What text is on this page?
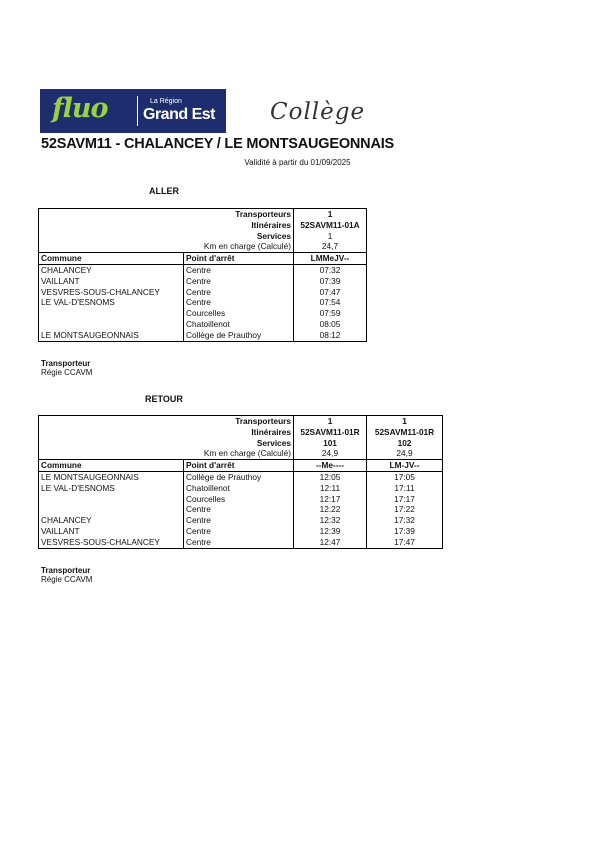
fluo	La Région
Grand Est Collège
52SAVM11 - CHALANCEY / LE MONTSAUGEONNAIS
Validité à partir du 01/09/2025
ALLER
Transporteurs		1
Itinéraires		52SAVM11-01A
Services		1
Km en charge (Calculé)		24,7
Commune	Point d'arrêt	LMMeJV--
CHALANCEY	Centre	07:32
VAILLANT	Centre	07:39
VESVRES-SOUS-CHALANCEY	Centre	07:47
LE VAL-D'ESNOMS	Centre	07:54
	Courcelles	07:59
	Chatoillenot	08:05
LE MONTSAUGEONNAIS	Collège de Prauthoy	08:12
Transporteur
Régie CCAVM
RETOUR
Transporteurs		1	1
Itinéraires		52SAVM11-01R	52SAVM11-01R
Services		101	102
Km en charge (Calculé)		24,9	24,9
Commune	Point d'arrêt	--Me----	LM-JV--
LE MONTSAUGEONNAIS	Collège de Prauthoy	12:05	17:05
LE VAL-D'ESNOMS	Chatoillenot	12:11	17:11
	Courcelles	12:17	17:17
	Centre	12:22	17:22
CHALANCEY	Centre	12:32	17:32
VAILLANT	Centre	12:39	17:39
VESVRES-SOUS-CHALANCEY	Centre	12:47	17:47
Transporteur
Régie CCAVM
